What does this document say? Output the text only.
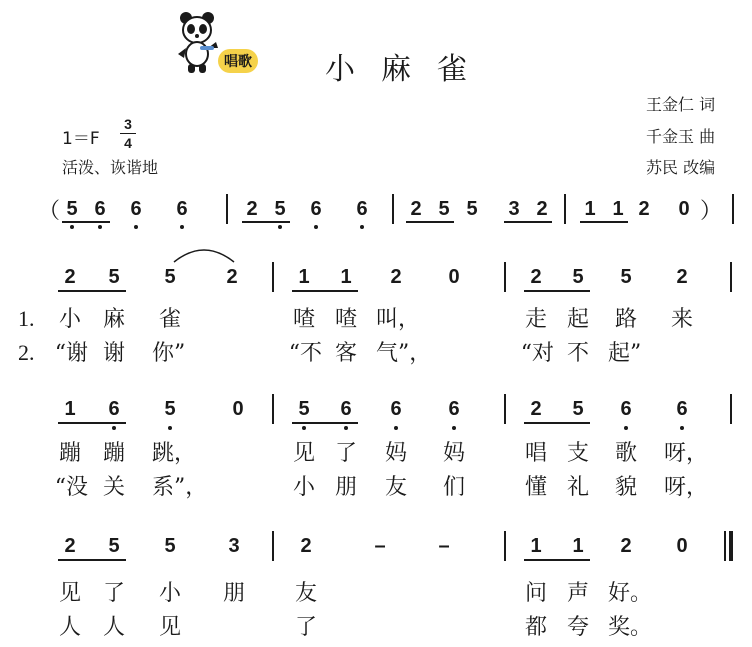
唱歌 小 麻 雀
王金仁 词
千金玉 曲
苏民 改编
1＝F
3
4
活泼、诙谐地
（	）
5 6	6	6	2 5	6	6	2 5 5	3 2	1 1 2	0
2	5	5	2	1	1	2	0	2	5	5	2
1.
2.
小 麻	雀	喳 喳 叫，	走 起	路	来
“谢 谢	你”	“不 客 气”，	“对 不 起”
1	6	5	0	5	6	6	6	2	5	6	6
蹦 蹦	跳，	见 了	妈	妈	唱 支	歌	呀，
“没 关	系”，	小 朋	友	们	懂 礼	貌	呀，
2	5	5	3	2	–	–	1	1	2	0
见 了	小	朋	友	问 声 好。
人 人	见	了	都 夸 奖。
